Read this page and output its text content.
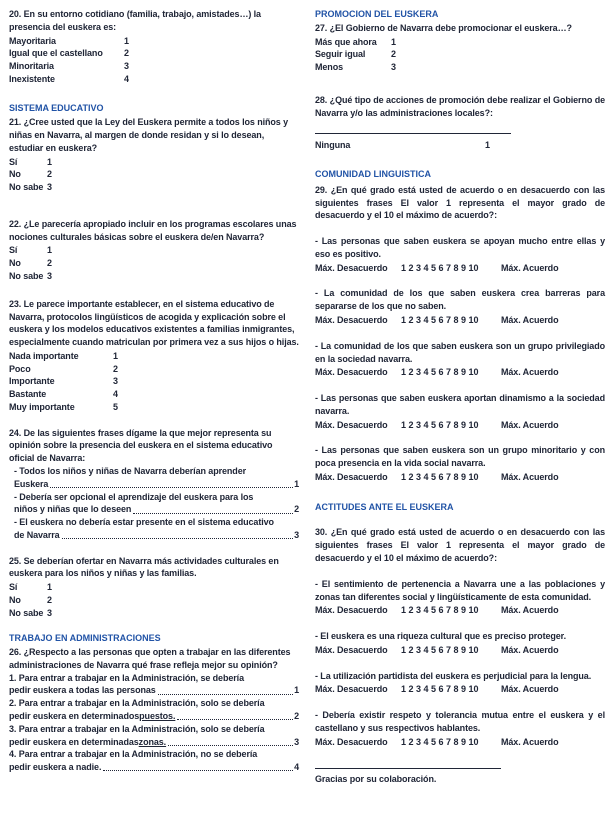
20. En su entorno cotidiano (familia, trabajo, amistades…) la presencia del euskera es:
Mayoritaria	1
Igual que el castellano	2
Minoritaria	3
Inexistente	4
SISTEMA EDUCATIVO
21. ¿Cree usted que la Ley del Euskera permite a todos los niños y niñas en Navarra, al margen de donde residan y si lo desean, estudiar en euskera?
Sí	1
No	2
No sabe 3
22. ¿Le parecería apropiado incluir en los programas escolares unas nociones culturales básicas sobre el euskera de/en Navarra?
Sí	1
No	2
No sabe 3
23. Le parece importante establecer, en el sistema educativo de Navarra, protocolos lingüísticos de acogida y explicación sobre el euskera y los modelos educativos existentes a familias inmigrantes, especialmente cuando matriculan por primera vez a sus hijos o hijas.
Nada importante	1
Poco	2
Importante	3
Bastante	4
Muy importante	5
24. De las siguientes frases dígame la que mejor representa su opinión sobre la presencia del euskera en el sistema educativo oficial de Navarra:
- Todos los niños y niñas de Navarra deberían aprender
Euskera	1
- Debería ser opcional el aprendizaje del euskera para los
niños y niñas que lo deseen	2
- El euskera no debería estar presente en el sistema educativo
de Navarra	3
25. Se deberían ofertar en Navarra más actividades culturales en euskera para los niños y niñas y las familias.
Sí	1
No	2
No sabe 3
TRABAJO EN ADMINISTRACIONES
26. ¿Respecto a las personas que opten a trabajar en las diferentes administraciones de Navarra qué frase refleja mejor su opinión?
1. Para entrar a trabajar en la Administración, se debería
pedir euskera a todas las personas	1
2. Para entrar a trabajar en la Administración, solo se debería
pedir euskera en determinados puestos.	2
3. Para entrar a trabajar en la Administración, solo se debería
pedir euskera en determinadas zonas.	3
4. Para entrar a trabajar en la Administración, no se debería
pedir euskera a nadie.	4
PROMOCION DEL EUSKERA
27. ¿El Gobierno de Navarra debe promocionar el euskera…?
Más que ahora	1
Seguir igual	2
Menos	3
28. ¿Qué tipo de acciones de promoción debe realizar el Gobierno de Navarra y/o las administraciones locales?:
Ninguna	1
COMUNIDAD LINGUISTICA
29. ¿En qué grado está usted de acuerdo o en desacuerdo con las siguientes frases El valor 1 representa el mayor grado de desacuerdo y el 10 el máximo de acuerdo?:
- Las personas que saben euskera se apoyan mucho entre ellas y eso es positivo.
Máx. Desacuerdo	1 2 3 4 5 6 7 8 9 10	Máx. Acuerdo
- La comunidad de los que saben euskera crea barreras para separarse de los que no saben.
Máx. Desacuerdo	1 2 3 4 5 6 7 8 9 10	Máx. Acuerdo
- La comunidad de los que saben euskera son un grupo privilegiado en la sociedad navarra.
Máx. Desacuerdo	1 2 3 4 5 6 7 8 9 10	Máx. Acuerdo
- Las personas que saben euskera aportan dinamismo a la sociedad navarra.
Máx. Desacuerdo	1 2 3 4 5 6 7 8 9 10	Máx. Acuerdo
- Las personas que saben euskera son un grupo minoritario y con poca presencia en la vida social navarra.
Máx. Desacuerdo	1 2 3 4 5 6 7 8 9 10	Máx. Acuerdo
ACTITUDES ANTE EL EUSKERA
30. ¿En qué grado está usted de acuerdo o en desacuerdo con las siguientes frases El valor 1 representa el mayor grado de desacuerdo y el 10 el máximo de acuerdo?:
- El sentimiento de pertenencia a Navarra une a las poblaciones y zonas tan diferentes social y lingüísticamente de esta comunidad.
Máx. Desacuerdo	1 2 3 4 5 6 7 8 9 10	Máx. Acuerdo
- El euskera es una riqueza cultural que es preciso proteger.
Máx. Desacuerdo	1 2 3 4 5 6 7 8 9 10	Máx. Acuerdo
- La utilización partidista del euskera es perjudicial para la lengua.
Máx. Desacuerdo	1 2 3 4 5 6 7 8 9 10	Máx. Acuerdo
- Debería existir respeto y tolerancia mutua entre el euskera y el castellano y sus respectivos hablantes.
Máx. Desacuerdo	1 2 3 4 5 6 7 8 9 10	Máx. Acuerdo
Gracias por su colaboración.
